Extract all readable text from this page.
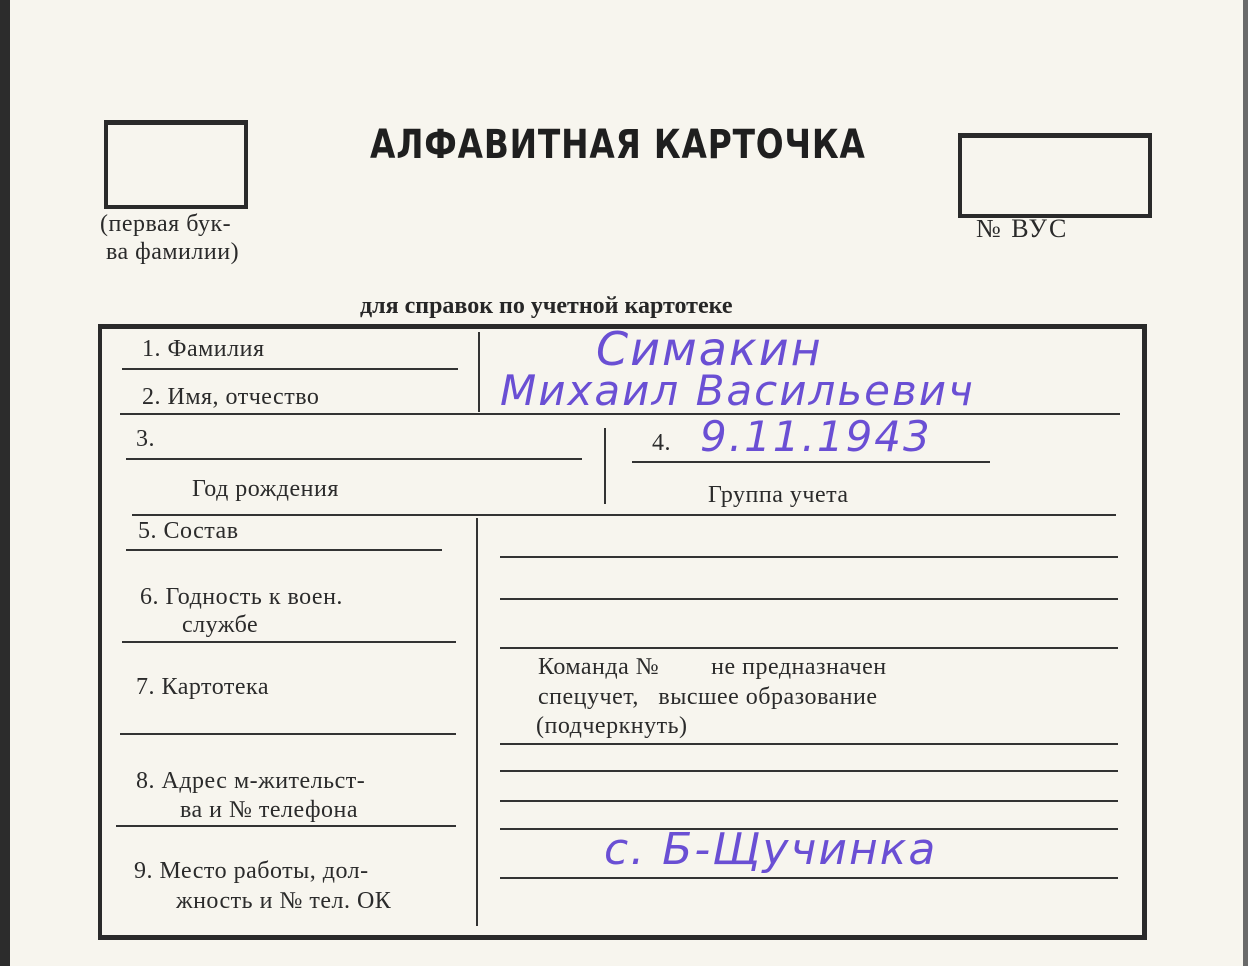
АЛФАВИТНАЯ КАРТОЧКА
(первая бук-
ва фамилии)
№ ВУС
для справок по учетной картотеке
1. Фамилия
2. Имя, отчество
Симакин
Михаил Васильевич
3.
Год рождения
4. 9.11.1943
Группа учета
5. Состав
6. Годность к воен.
службе
7. Картотека
8. Адрес м-жительст-
ва и № телефона
9. Место работы, дол-
жность и № тел. ОК
Команда №        не предназначен
спецучет,   высшее образование
(подчеркнуть)
с. Б-Щучинка
